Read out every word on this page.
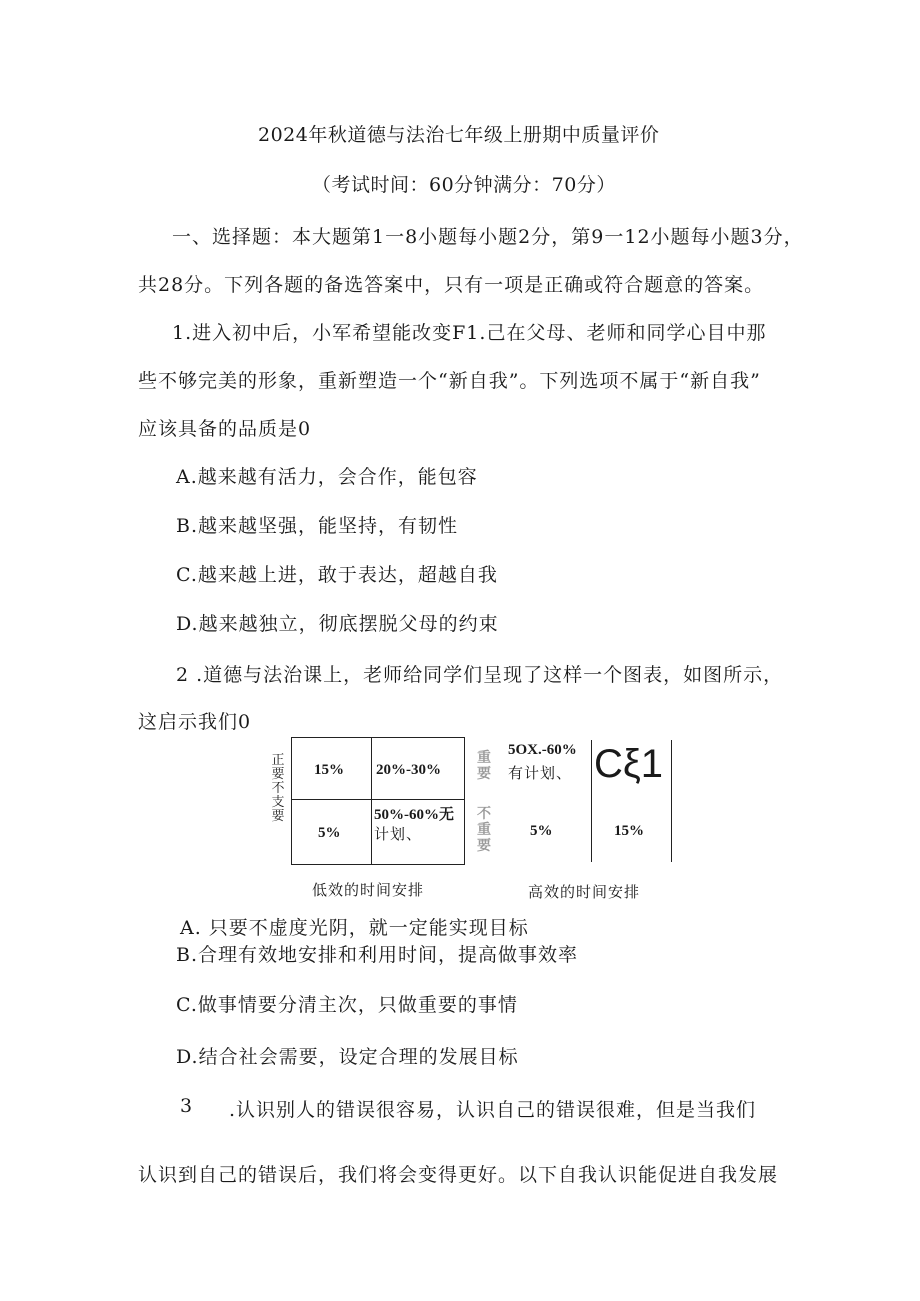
2024年秋道德与法治七年级上册期中质量评价
（考试时间：60分钟满分：70分）
一、选择题：本大题第1一8小题每小题2分，第9一12小题每小题3分，
共28分。下列各题的备选答案中，只有一项是正确或符合题意的答案。
1.进入初中后，小军希望能改变F1.己在父母、老师和同学心目中那
些不够完美的形象，重新塑造一个“新自我”。下列选项不属于“新自我”
应该具备的品质是0
A.越来越有活力，会合作，能包容
B.越来越坚强，能坚持，有韧性
C.越来越上进，敢于表达，超越自我
D.越来越独立，彻底摆脱父母的约束
2 .道德与法治课上，老师给同学们呈现了这样一个图表，如图所示，
这启示我们0
正要不支要
15% 20%-30%
5%
50%-60%无
计划、
重要
不重要
5OX.-60%
有计划、 Cξ1
5%	15%
低效的时间安排	高效的时间安排
A. 只要不虚度光阴，就一定能实现目标
B.合理有效地安排和利用时间，提高做事效率
C.做事情要分清主次，只做重要的事情
D.结合社会需要，设定合理的发展目标
3 .认识别人的错误很容易，认识自己的错误很难，但是当我们
认识到自己的错误后，我们将会变得更好。以下自我认识能促进自我发展
